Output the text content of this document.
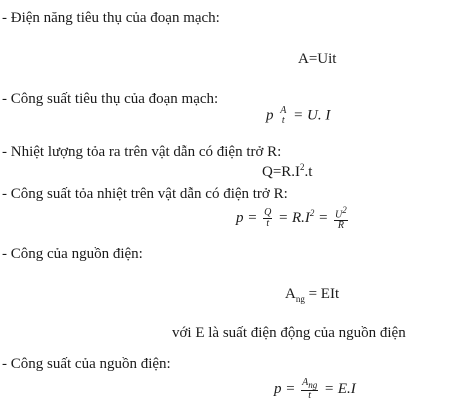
- Điện năng tiêu thụ của đoạn mạch:
A=Uit
- Công suất tiêu thụ của đoạn mạch:
p A
t = U. I
- Nhiệt lượng tỏa ra trên vật dẫn có điện trở R:
$Q=R.I^2.t$
- Công suất tỏa nhiệt trên vật dẫn có điện trở R:
$p = \frac{Q}{t} = R.I^2 = \frac{U^2}{R}$
- Công của nguồn điện:
$A_{ng}$ = EIt
với E là suất điện động của nguồn điện
- Công suất của nguồn điện:
$p = \frac{A_{ng}}{t} = E.I$
